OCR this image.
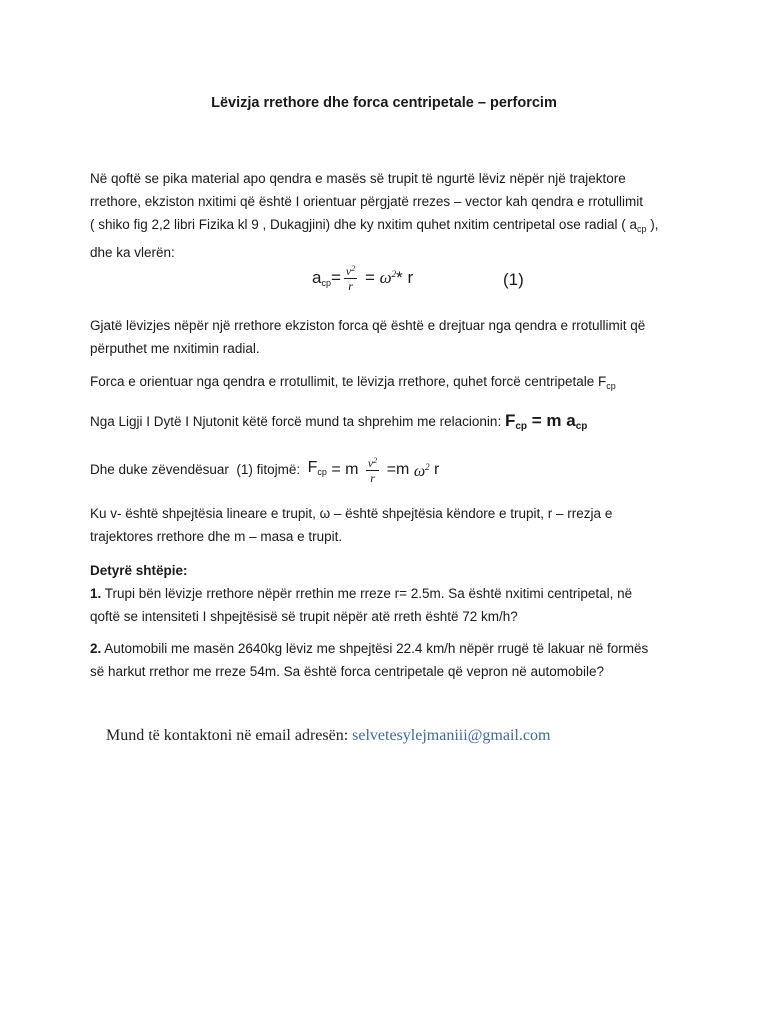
Lëvizja rrethore dhe forca centripetale – perforcim

Në qoftë se pika material apo qendra e masës së trupit të ngurtë lëviz nëpër një trajektore

rrethore, ekziston nxitimi që është I orientuar përgjatë rrezes – vector kah qendra e rrotullimit

( shiko fig 2,2 libri Fizika kl 9 , Dukagjini) dhe ky nxitim quhet nxitim centripetal ose radial ( $a_{cp}$ ),

dhe ka vlerën:

$a_{cp} = \frac{v^2}{r} = \omega^2 * r$	(1)

Gjatë lëvizjes nëpër një rrethore ekziston forca që është e drejtuar nga qendra e rrotullimit që

përputhet me nxitimin radial.

Forca e orientuar nga qendra e rrotullimit, te lëvizja rrethore, quhet forcë centripetale $F_{cp}$

Nga Ligji I Dytë I Njutonit këtë forcë mund ta shprehim me relacionin: $F_{cp} = m$ $a_{cp}$

Dhe duke zëvendësuar  (1) fitojmë: $F_{cp} = m \frac{v^2}{r} =m$ $\omega^2$ r

Ku v- është shpejtësia lineare e trupit, ω – është shpejtësia këndore e trupit, r – rrezja e

trajektores rrethore dhe m – masa e trupit.

Detyrë shtëpie:

1. Trupi bën lëvizje rrethore nëpër rrethin me rreze r= 2.5m. Sa është nxitimi centripetal, në

qoftë se intensiteti I shpejtësisë së trupit nëpër atë rreth është 72 km/h?

2. Automobili me masën 2640kg lëviz me shpejtësi 22.4 km/h nëpër rrugë të lakuar në formës

së harkut rrethor me rreze 54m. Sa është forca centripetale që vepron në automobile?

Mund të kontaktoni në email adresën: selvetesylejmaniii@gmail.com
